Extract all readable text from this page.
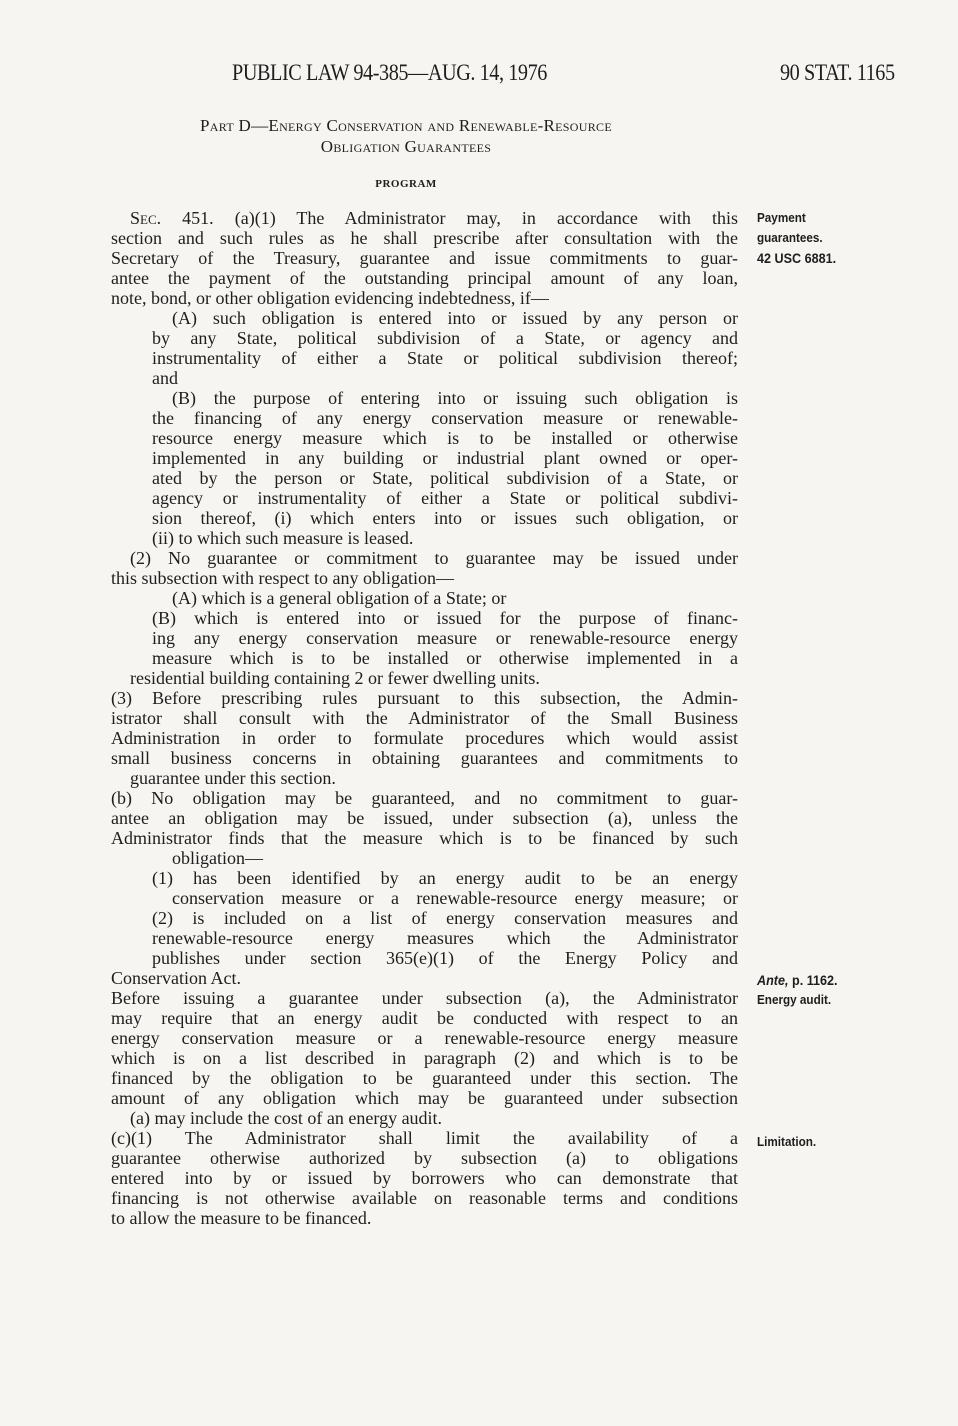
PUBLIC LAW 94-385—AUG. 14, 1976	90 STAT. 1165
Part D—Energy Conservation and Renewable-Resource
Obligation Guarantees
PROGRAM
Sec. 451. (a)(1) The Administrator may, in accordance with this
section and such rules as he shall prescribe after consultation with the
Secretary of the Treasury, guarantee and issue commitments to guar-
antee the payment of the outstanding principal amount of any loan,
note, bond, or other obligation evidencing indebtedness, if—
(A) such obligation is entered into or issued by any person or
by any State, political subdivision of a State, or agency and
instrumentality of either a State or political subdivision thereof;
and
(B) the purpose of entering into or issuing such obligation is
the financing of any energy conservation measure or renewable-
resource energy measure which is to be installed or otherwise
implemented in any building or industrial plant owned or oper-
ated by the person or State, political subdivision of a State, or
agency or instrumentality of either a State or political subdivi-
sion thereof, (i) which enters into or issues such obligation, or
(ii) to which such measure is leased.
(2) No guarantee or commitment to guarantee may be issued under
this subsection with respect to any obligation—
(A) which is a general obligation of a State; or
(B) which is entered into or issued for the purpose of financ-
ing any energy conservation measure or renewable-resource energy
measure which is to be installed or otherwise implemented in a
residential building containing 2 or fewer dwelling units.
(3) Before prescribing rules pursuant to this subsection, the Admin-
istrator shall consult with the Administrator of the Small Business
Administration in order to formulate procedures which would assist
small business concerns in obtaining guarantees and commitments to
guarantee under this section.
(b) No obligation may be guaranteed, and no commitment to guar-
antee an obligation may be issued, under subsection (a), unless the
Administrator finds that the measure which is to be financed by such
obligation—
(1) has been identified by an energy audit to be an energy
conservation measure or a renewable-resource energy measure; or
(2) is included on a list of energy conservation measures and
renewable-resource energy measures which the Administrator
publishes under section 365(e)(1) of the Energy Policy and
Conservation Act.
Before issuing a guarantee under subsection (a), the Administrator
may require that an energy audit be conducted with respect to an
energy conservation measure or a renewable-resource energy measure
which is on a list described in paragraph (2) and which is to be
financed by the obligation to be guaranteed under this section. The
amount of any obligation which may be guaranteed under subsection
(a) may include the cost of an energy audit.
(c)(1) The Administrator shall limit the availability of a
guarantee otherwise authorized by subsection (a) to obligations
entered into by or issued by borrowers who can demonstrate that
financing is not otherwise available on reasonable terms and conditions
to allow the measure to be financed.
Payment
guarantees.
42 USC 6881.
Ante, p. 1162.
Energy audit.
Limitation.
